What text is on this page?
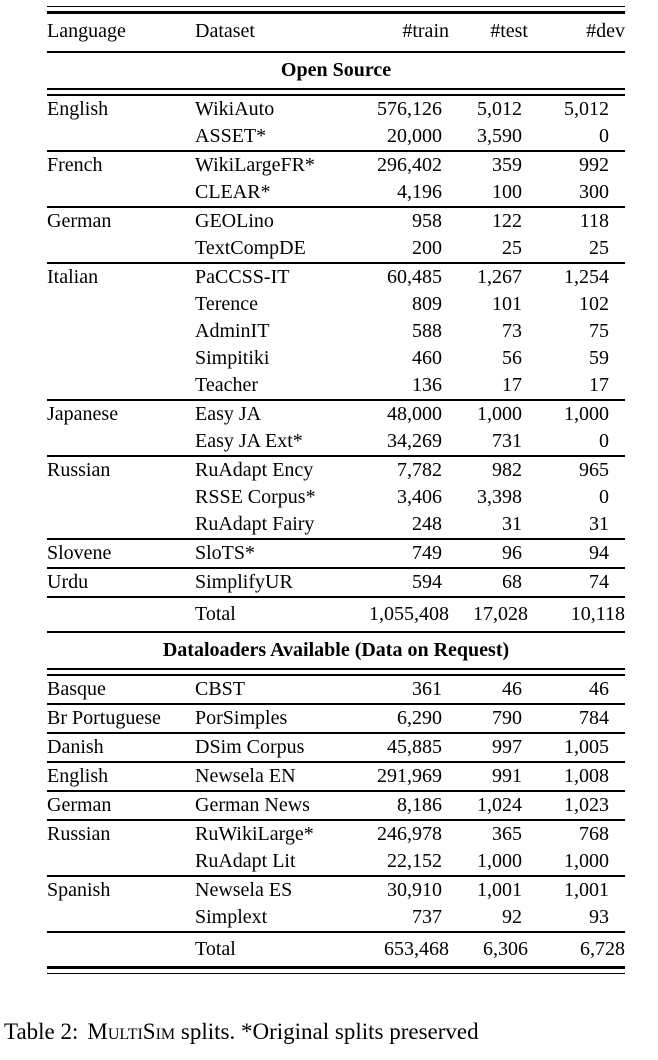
Language	Dataset	#train	#test	#dev

Open Source				

English	WikiAuto	576,126	5,012	5,012
	ASSET*	20,000	3,590	0

French	WikiLargeFR*	296,402	359	992
	CLEAR*	4,196	100	300

German	GEOLino	958	122	118
	TextCompDE	200	25	25

Italian	PaCCSS-IT	60,485	1,267	1,254
	Terence	809	101	102
	AdminIT	588	73	75
	Simpitiki	460	56	59
	Teacher	136	17	17

Japanese	Easy JA	48,000	1,000	1,000
	Easy JA Ext*	34,269	731	0

Russian	RuAdapt Ency	7,782	982	965
	RSSE Corpus*	3,406	3,398	0
	RuAdapt Fairy	248	31	31

Slovene	SloTS*	749	96	94

Urdu	SimplifyUR	594	68	74

	Total	1,055,408	17,028	10,118

Dataloaders Available (Data on Request)				

Basque	CBST	361	46	46

Br Portuguese	PorSimples	6,290	790	784

Danish	DSim Corpus	45,885	997	1,005

English	Newsela EN	291,969	991	1,008

German	German News	8,186	1,024	1,023

Russian	RuWikiLarge*	246,978	365	768
	RuAdapt Lit	22,152	1,000	1,000

Spanish	Newsela ES	30,910	1,001	1,001
	Simplext	737	92	93

	Total	653,468	6,306	6,728

Table 2: MultiSim splits. *Original splits preserved
